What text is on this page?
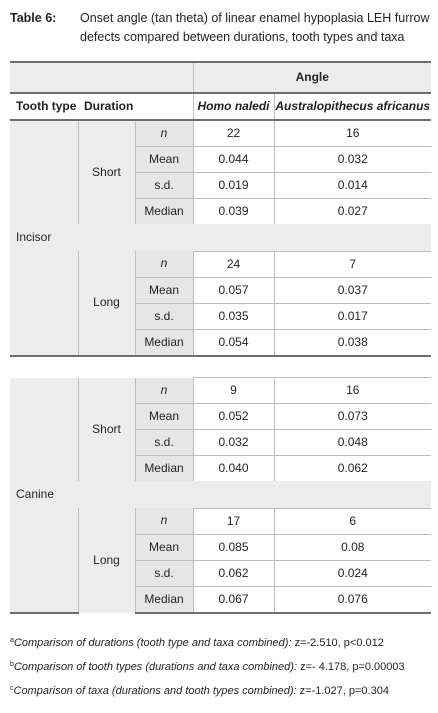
Table 6: Onset angle (tan theta) of linear enamel hypoplasia LEH furrow defects compared between durations, tooth types and taxa
			Angle	
Tooth type	Duration		Homo naledi	Australopithecus africanus
Incisor	Short	n	22	16
		Mean	0.044	0.032
		s.d.	0.019	0.014
		Median	0.039	0.027

	Long	n	24	7
		Mean	0.057	0.037
		s.d.	0.035	0.017
		Median	0.054	0.038

Canine	Short	n	9	16
		Mean	0.052	0.073
		s.d.	0.032	0.048
		Median	0.040	0.062

	Long	n	17	6
		Mean	0.085	0.08
		s.d.	0.062	0.024
		Median	0.067	0.076
$^a$Comparison of durations (tooth type and taxa combined): z=-2.510, p<0.012
$^b$Comparison of tooth types (durations and taxa combined): z=- 4.178, p=0.00003
$^c$Comparison of taxa (durations and tooth types combined): z=-1.027, p=0.304
